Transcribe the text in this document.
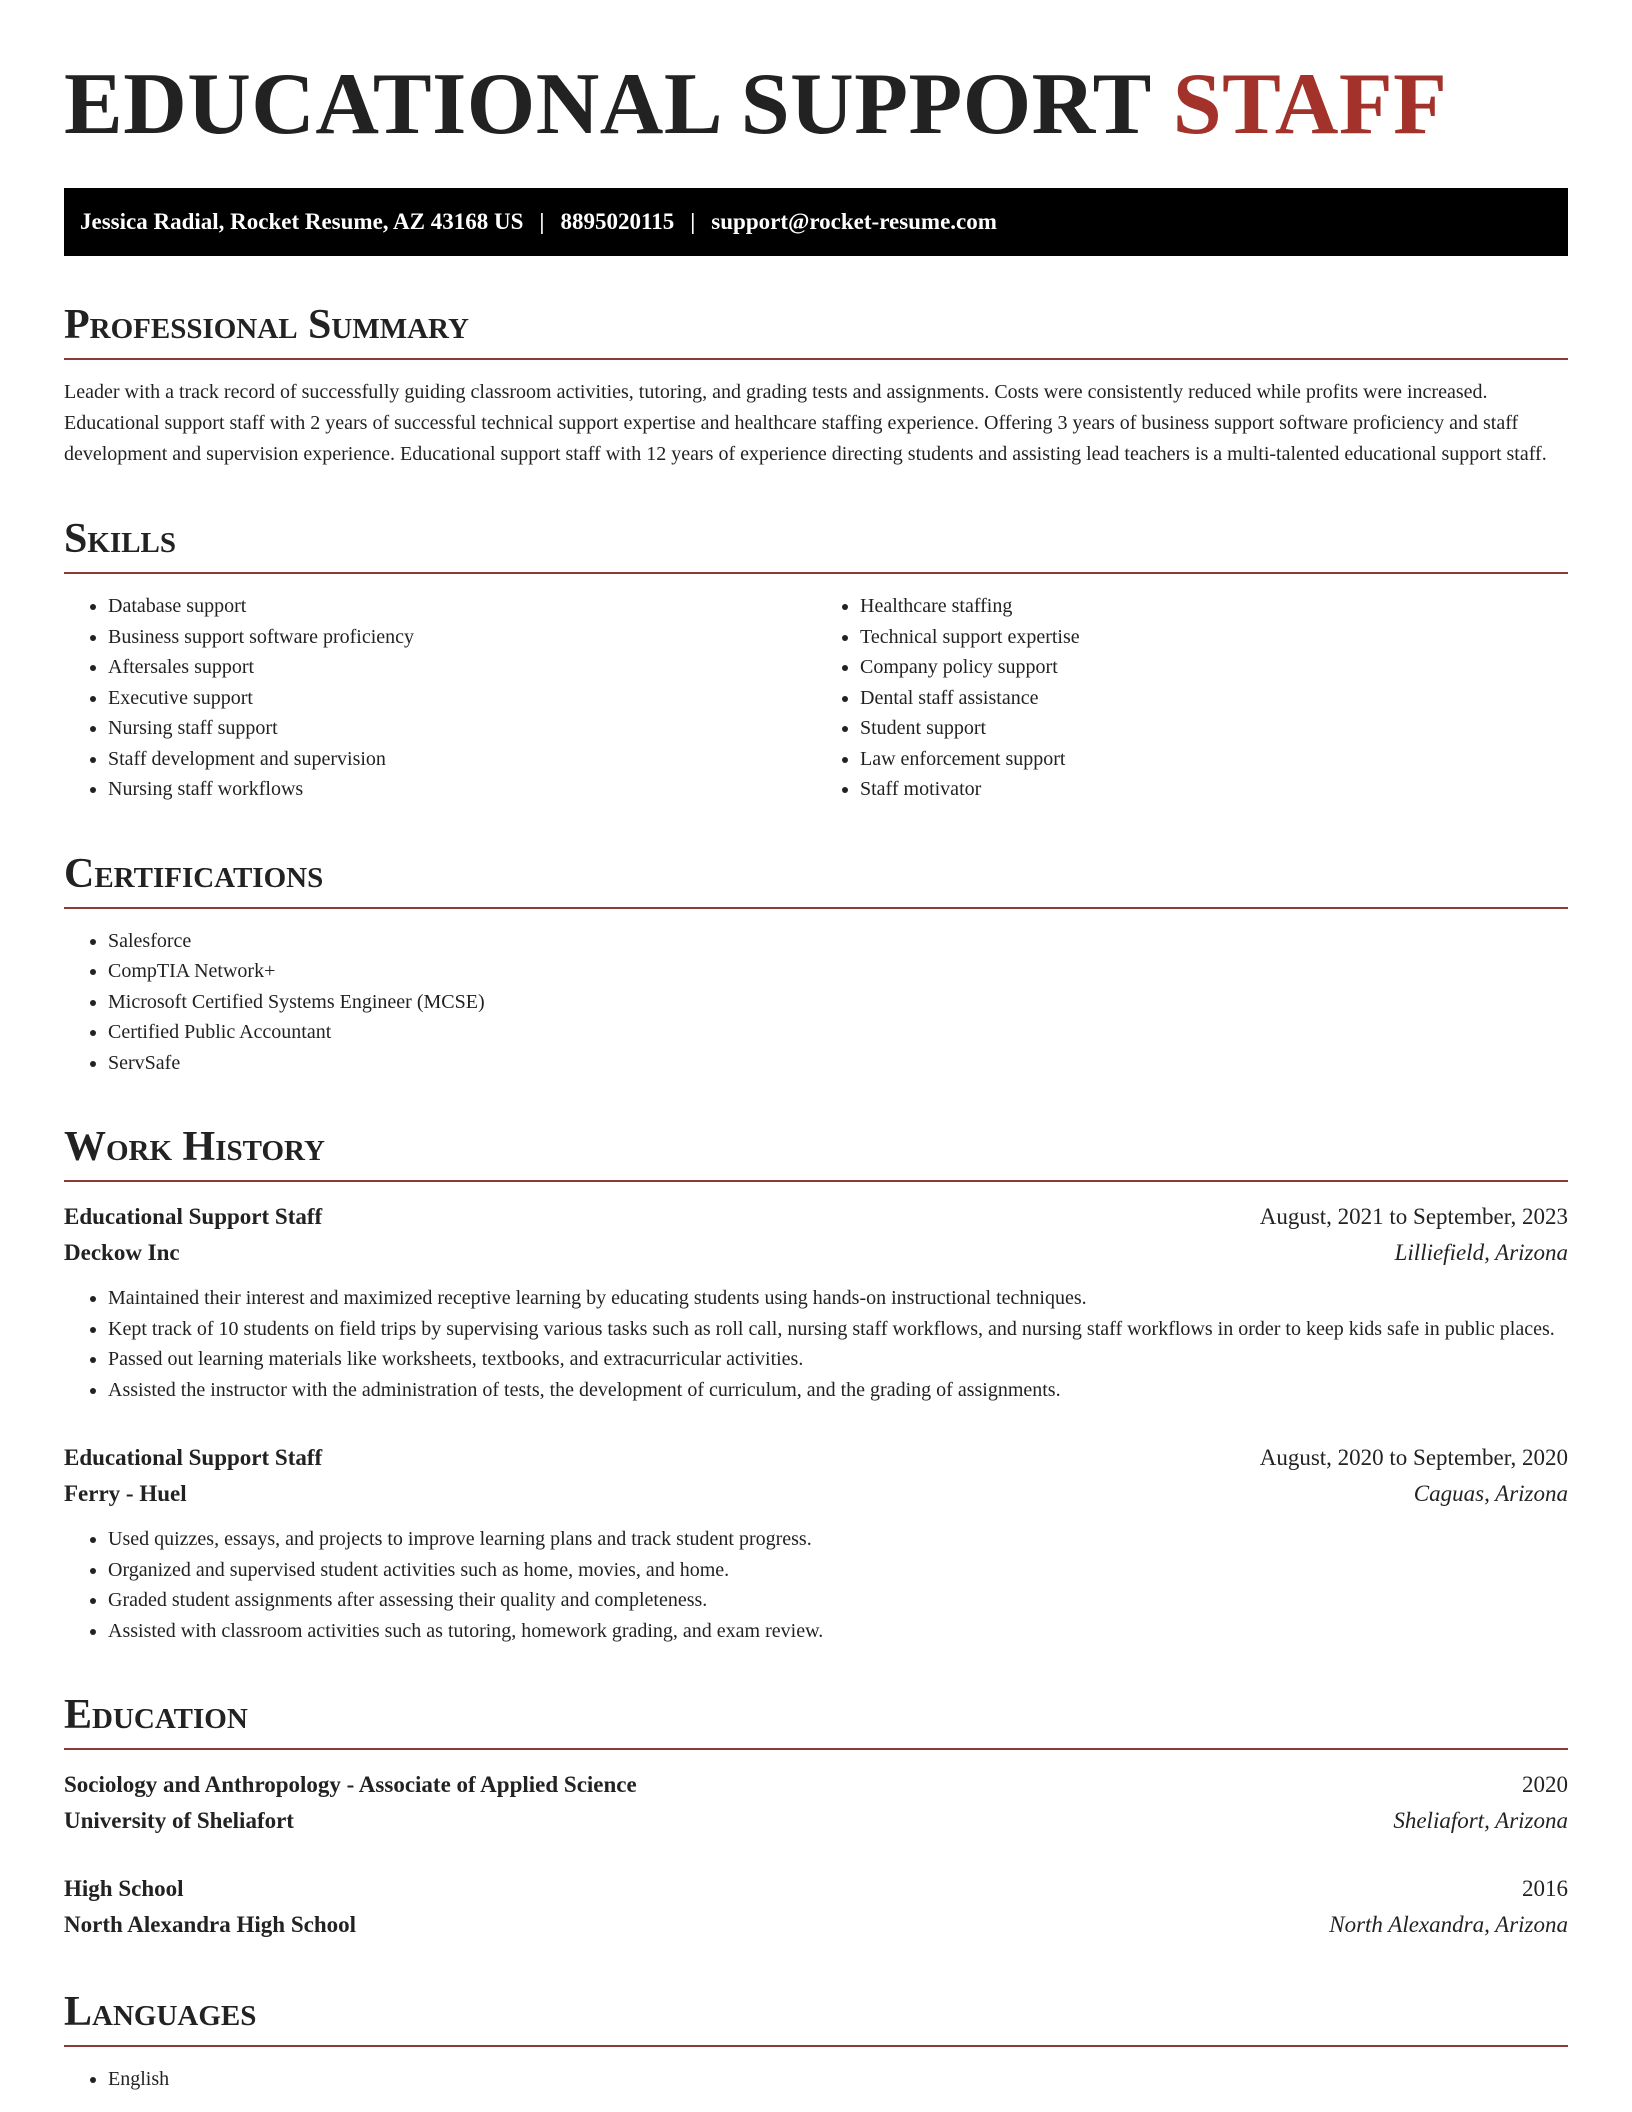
EDUCATIONAL SUPPORT STAFF
Jessica Radial, Rocket Resume, AZ 43168 US | 8895020115 | support@rocket-resume.com
Professional Summary

Leader with a track record of successfully guiding classroom activities, tutoring, and grading tests and assignments. Costs were consistently reduced while profits were increased. Educational support staff with 2 years of successful technical support expertise and healthcare staffing experience. Offering 3 years of business support software proficiency and staff development and supervision experience. Educational support staff with 12 years of experience directing students and assisting lead teachers is a multi-talented educational support staff.

Skills
• Database support
• Business support software proficiency
• Aftersales support
• Executive support
• Nursing staff support
• Staff development and supervision
• Nursing staff workflows
• Healthcare staffing
• Technical support expertise
• Company policy support
• Dental staff assistance
• Student support
• Law enforcement support
• Staff motivator
Certifications
• Salesforce
• CompTIA Network+
• Microsoft Certified Systems Engineer (MCSE)
• Certified Public Accountant
• ServSafe
Work History
Educational Support Staff	August, 2021 to September, 2023
Deckow Inc	Lilliefield, Arizona
• Maintained their interest and maximized receptive learning by educating students using hands-on instructional techniques.
• Kept track of 10 students on field trips by supervising various tasks such as roll call, nursing staff workflows, and nursing staff workflows in order to keep kids safe in public places.
• Passed out learning materials like worksheets, textbooks, and extracurricular activities.
• Assisted the instructor with the administration of tests, the development of curriculum, and the grading of assignments.
Educational Support Staff	August, 2020 to September, 2020
Ferry - Huel	Caguas, Arizona
• Used quizzes, essays, and projects to improve learning plans and track student progress.
• Organized and supervised student activities such as home, movies, and home.
• Graded student assignments after assessing their quality and completeness.
• Assisted with classroom activities such as tutoring, homework grading, and exam review.
Education
Sociology and Anthropology - Associate of Applied Science	2020
University of Sheliafort	Sheliafort, Arizona
High School	2016
North Alexandra High School	North Alexandra, Arizona
Languages
• English
